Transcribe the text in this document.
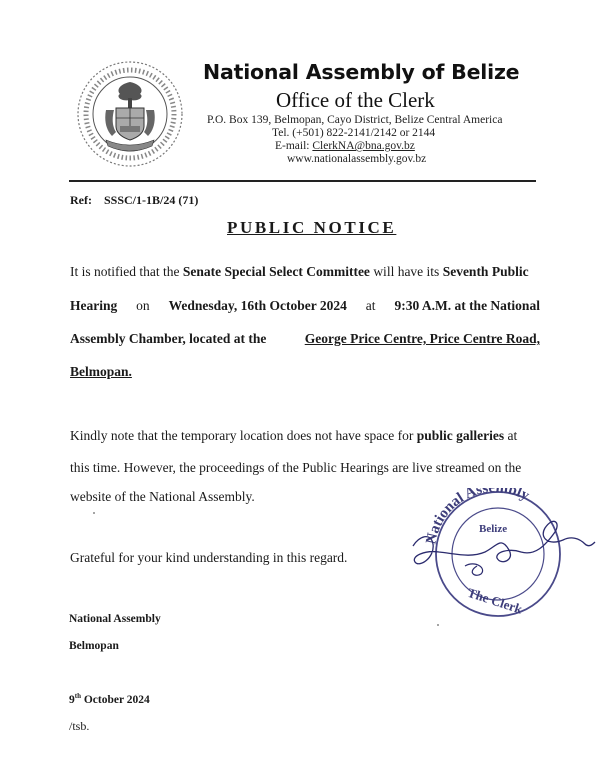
National Assembly of Belize
Office of the Clerk
P.O. Box 139, Belmopan, Cayo District, Belize Central America
Tel. (+501) 822-2141/2142 or 2144
E-mail: ClerkNA@bna.gov.bz
www.nationalassembly.gov.bz
Ref: SSSC/1-1B/24 (71)
PUBLIC NOTICE
It is notified that the Senate Special Select Committee will have its Seventh Public
Hearing on Wednesday, 16th October 2024 at 9:30 A.M. at the National
Assembly Chamber, located at the	George Price Centre, Price Centre Road,
Belmopan.
Kindly note that the temporary location does not have space for public galleries at
this time. However, the proceedings of the Public Hearings are live streamed on the
website of the National Assembly.
Grateful for your kind understanding in this regard.
National Ass mbly
Belize
The Clerk
National Assembly
Belmopan
9th October 2024
/tsb.
